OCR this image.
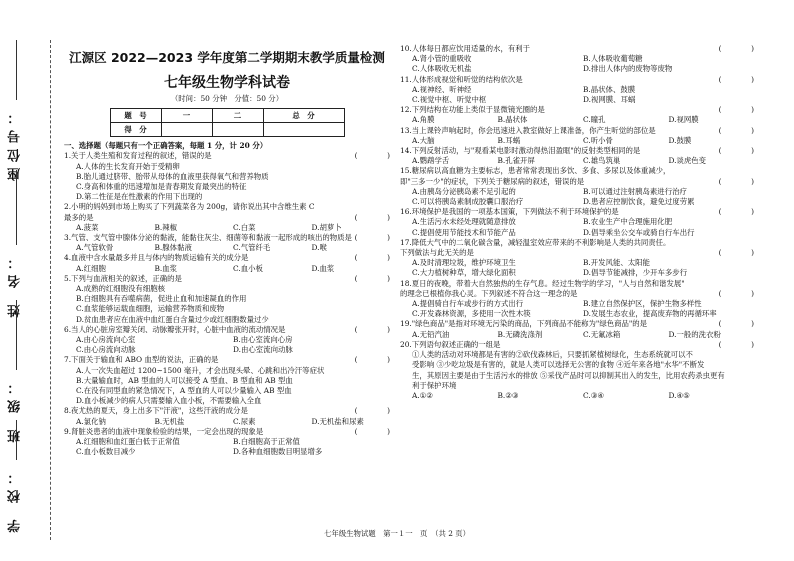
座位号：
姓 名：
班 级：
学 校：
江源区 2022—2023 学年度第二学期期末教学质量检测
七年级生物学科试卷
（时间：50 分钟　分值：50 分）
题　号	一	二	总　分
得　分			
一、选择题（每题只有一个正确答案，每题 1 分，计 20 分）
1.关于人类生殖和发育过程的叙述，错误的是	(　　　　)
A.人体的生长发育开始于受精卵
B.胎儿通过脐带、胎带从母体的血液里获得氧气和营养物质
C.身高和体重的迅速增加是青春期发育最突出的特征
D.第二性征是在性激素的作用下出现的
2.小明的妈妈到市场上购买了下列蔬菜各为 200g，请你说出其中含维生素 C
最多的是	(　　　　)
A.菠菜	B.辣椒	C.白菜	D.胡萝卜
3.气管、支气管中腺体分泌的黏液，能黏住灰尘、细菌等和黏液一起形成的咳出的物质是 (　　　　)
A.气管软骨	B.腺体黏液	C.气管纤毛	D.喉
4.血液中含水量最多并且与体内的物质运输有关的成分是	(　　　　)
A.红细胞	B.血浆	C.血小板	D.血浆
5.下列与血液相关的叙述，正确的是	(　　　　)
A.成熟的红细胞没有细胞核
B.白细胞具有吞噬病菌，促进止血和加速凝血的作用
C.血浆能够运载血细胞，运输营养物质和废物
D.贫血患者应在血液中血红蛋白含量过少或红细胞数量过少
6.当人的心脏房室瓣关闭、动脉瓣张开时，心脏中血液的流动情况是	(　　　　)
A.由心房流向心室	B.由心室流向心房
C.由心房流向动脉	D.由心室流向动脉
7.下面关于输血和 ABO 血型的说法，正确的是	(　　　　)
A.人一次失血超过 1200~1500 毫升，才会出现头晕、心跳和出冷汗等症状
B.大量输血时，AB 型血的人可以接受 A 型血、B 型血和 AB 型血
C.在没有同型血的紧急情况下，A 型血的人可以少量输入 AB 型血
D.血小板减少的病人只需要输入血小板，不需要输入全血
8.夜尤热的夏天，身上出多下"汗液"，这些汗液的成分是	(　　　　)
A.氯化钠	B.无机盐	C.尿素	D.无机盐和尿素
9.肾脏炎患者的血液中现象检验的结果，一定会出现的现象是	(　　　　)
A.红细胞和血红蛋白低于正常值	B.白细胞高于正常值
C.血小板数目减少	D.各种血细胞数目明显增多
10.人体每日都应饮用适量的水，有利于	(　　　　)
A.肾小管的重吸收	B.人体吸收葡萄糖
C.人体吸收无机盐	D.排出人体内的废物等废物
11.人体形成视觉和听觉的结构依次是	(　　　　)
A.视神经、听神经	B.晶状体、鼓膜
C.视觉中枢、听觉中枢	D.视网膜、耳蜗
12.下列结构在功能上类似于显微镜光圈的是	(　　　　)
A.角膜	B.晶状体	C.瞳孔	D.视网膜
13.当上课铃声响起时，你会迅速进入教室做好上课准备，你产生听觉的部位是	(　　　　)
A.大脑	B.耳蜗	C.听小骨	D.鼓膜
14.下列反射活动，与"观看某电影时激动得热泪盈眶"的反射类型相同的是	(　　　　)
A.鹦鹉学舌	B.孔雀开屏	C.雄鸟筑巢	D.谈虎色变
15.糖尿病以高血糖为主要标志，患者常常表现出多饮、多食、多尿以及体重减少，
即"三多一少"的症状，下列关于糖尿病的叙述，错误的是	(　　　　)
A.由胰岛分泌胰岛素不足引起的	B.可以通过注射胰岛素进行治疗
C.可以将胰岛素制成胶囊口服治疗	D.患者应控制饮食，避免过度劳累
16.环境保护是我国的一项基本国策，下列做法不利于环境保护的是	(　　　　)
A.生活污水未经处理就随意排放	B.农业生产中合理施用化肥
C.提倡使用节能技术和节能产品	D.倡导乘坐公交车或骑自行车出行
17.降低大气中的二氧化碳含量，减轻温室效应带来的不利影响是人类的共同责任。
下列做法与此无关的是	(　　　　)
A.及时清理垃圾，维护环境卫生	B.开发风能、太阳能
C.大力植树种草，增大绿化面积	D.倡导节能减排，少开车多步行
18.夏日的夜晚，带着大自然独热的生存气息。经过生物学的学习，"人与自然和谐发展"
的理念已根植你我心灵。下列叙述不符合这一理念的是	(　　　　)
A.提倡骑自行车或步行的方式出行	B.建立自然保护区，保护生物多样性
C.开发森林资源，多使用一次性木筷	D.发展生态农业，提高废弃物的再循环率
19."绿色商品"是指对环境无污染的商品，下列商品不能称为"绿色商品"的是	(　　　　)
A.无铅汽油	B.无磷洗涤剂	C.无氟冰箱	D.一般的洗衣粉
20.下列语句叙述正确的一组是	(　　　　)
①人类的活动对环境都是有害的②砍伐森林后，只要抓紧植树绿化，生态系统就可以不
受影响 ③少吃垃圾是有害的，就是人类可以选择无公害的食物 ④近年来各地"水华"不断发
生，其原因主要是由于生活污水的排放 ⑤采伐产品时可以抑制其出入的发生，比用农药杀虫更有
利于保护环境
A.①②	B.②③	C.③④	D.④⑤
七年级生物试题　第一１一　页　（共 2 页）
